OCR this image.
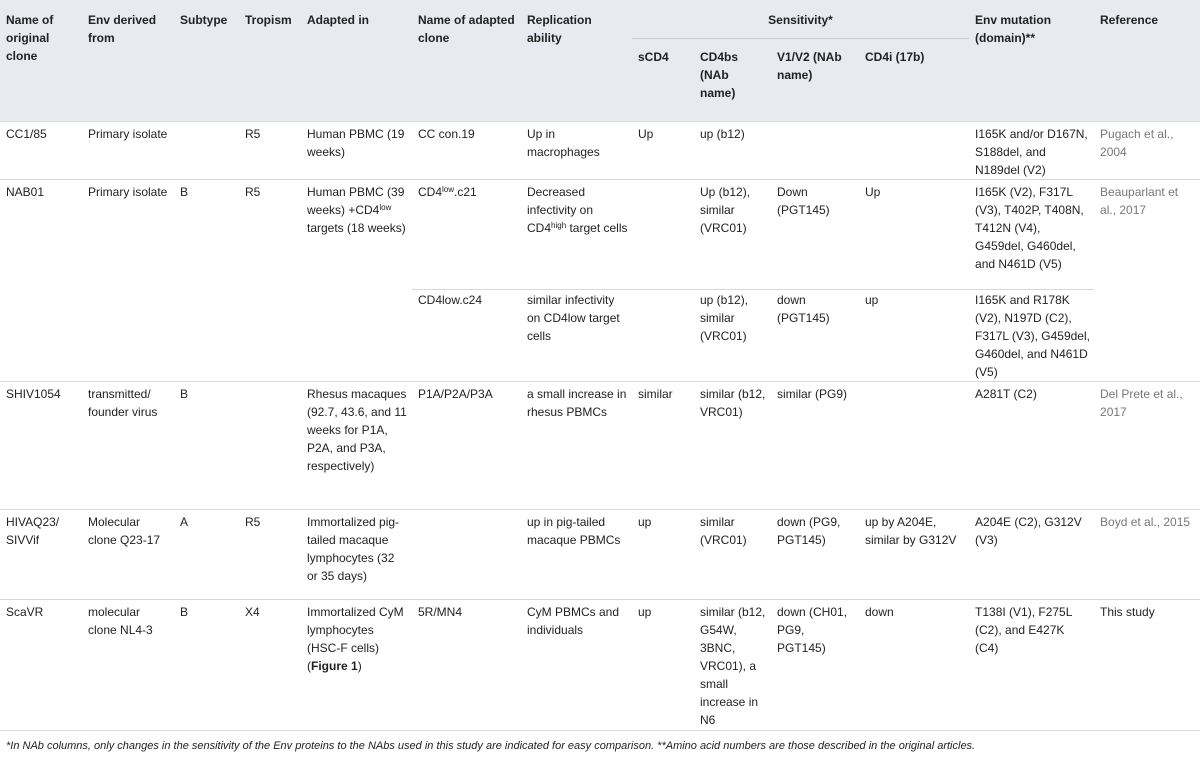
Name of original clone	Env derived from	Subtype	Tropism	Adapted in	Name of adapted clone	Replication ability	Sensitivity*				Env mutation (domain)**	Reference
							sCD4	CD4bs (NAb name)	V1/V2 (NAb name)	CD4i (17b)		
CC1/85	Primary isolate		R5	Human PBMC (19 weeks)	CC con.19	Up in macrophages	Up	up (b12)			I165K and/or D167N, S188del, and N189del (V2)	Pugach et al., 2004
NAB01	Primary isolate	B	R5	Human PBMC (39 weeks) $+CD4^{low}$ targets (18 weeks)	$CD4^{low}.c21$	Decreased infectivity on $CD4^{high}$ target cells		Up (b12), similar (VRC01)	Down (PGT145)	Up	I165K (V2), F317L (V3), T402P, T408N, T412N (V4), G459del, G460del, and N461D (V5)	Beauparlant et al., 2017
					CD4low.c24	similar infectivity on CD4low target cells		up (b12), similar (VRC01)	down (PGT145)	up	I165K and R178K (V2), N197D (C2), F317L (V3), G459del, G460del, and N461D (V5)	
SHIV1054	transmitted/ founder virus	B		Rhesus macaques (92.7, 43.6, and 11 weeks for P1A, P2A, and P3A, respectively)	P1A/P2A/P3A	a small increase in rhesus PBMCs	similar	similar (b12, VRC01)	similar (PG9)		A281T (C2)	Del Prete et al., 2017
HIVAQ23/ SIVVif	Molecular clone Q23-17	A	R5	Immortalized pig-tailed macaque lymphocytes (32 or 35 days)		up in pig-tailed macaque PBMCs	up	similar (VRC01)	down (PG9, PGT145)	up by A204E, similar by G312V	A204E (C2), G312V (V3)	Boyd et al., 2015
ScaVR	molecular clone NL4-3	B	X4	Immortalized CyM lymphocytes (HSC-F cells) (Figure 1)	5R/MN4	CyM PBMCs and individuals	up	similar (b12, G54W, 3BNC, VRC01), a small increase in N6	down (CH01, PG9, PGT145)	down	T138I (V1), F275L (C2), and E427K (C4)	This study
*In NAb columns, only changes in the sensitivity of the Env proteins to the NAbs used in this study are indicated for easy comparison. **Amino acid numbers are those described in the original articles.
